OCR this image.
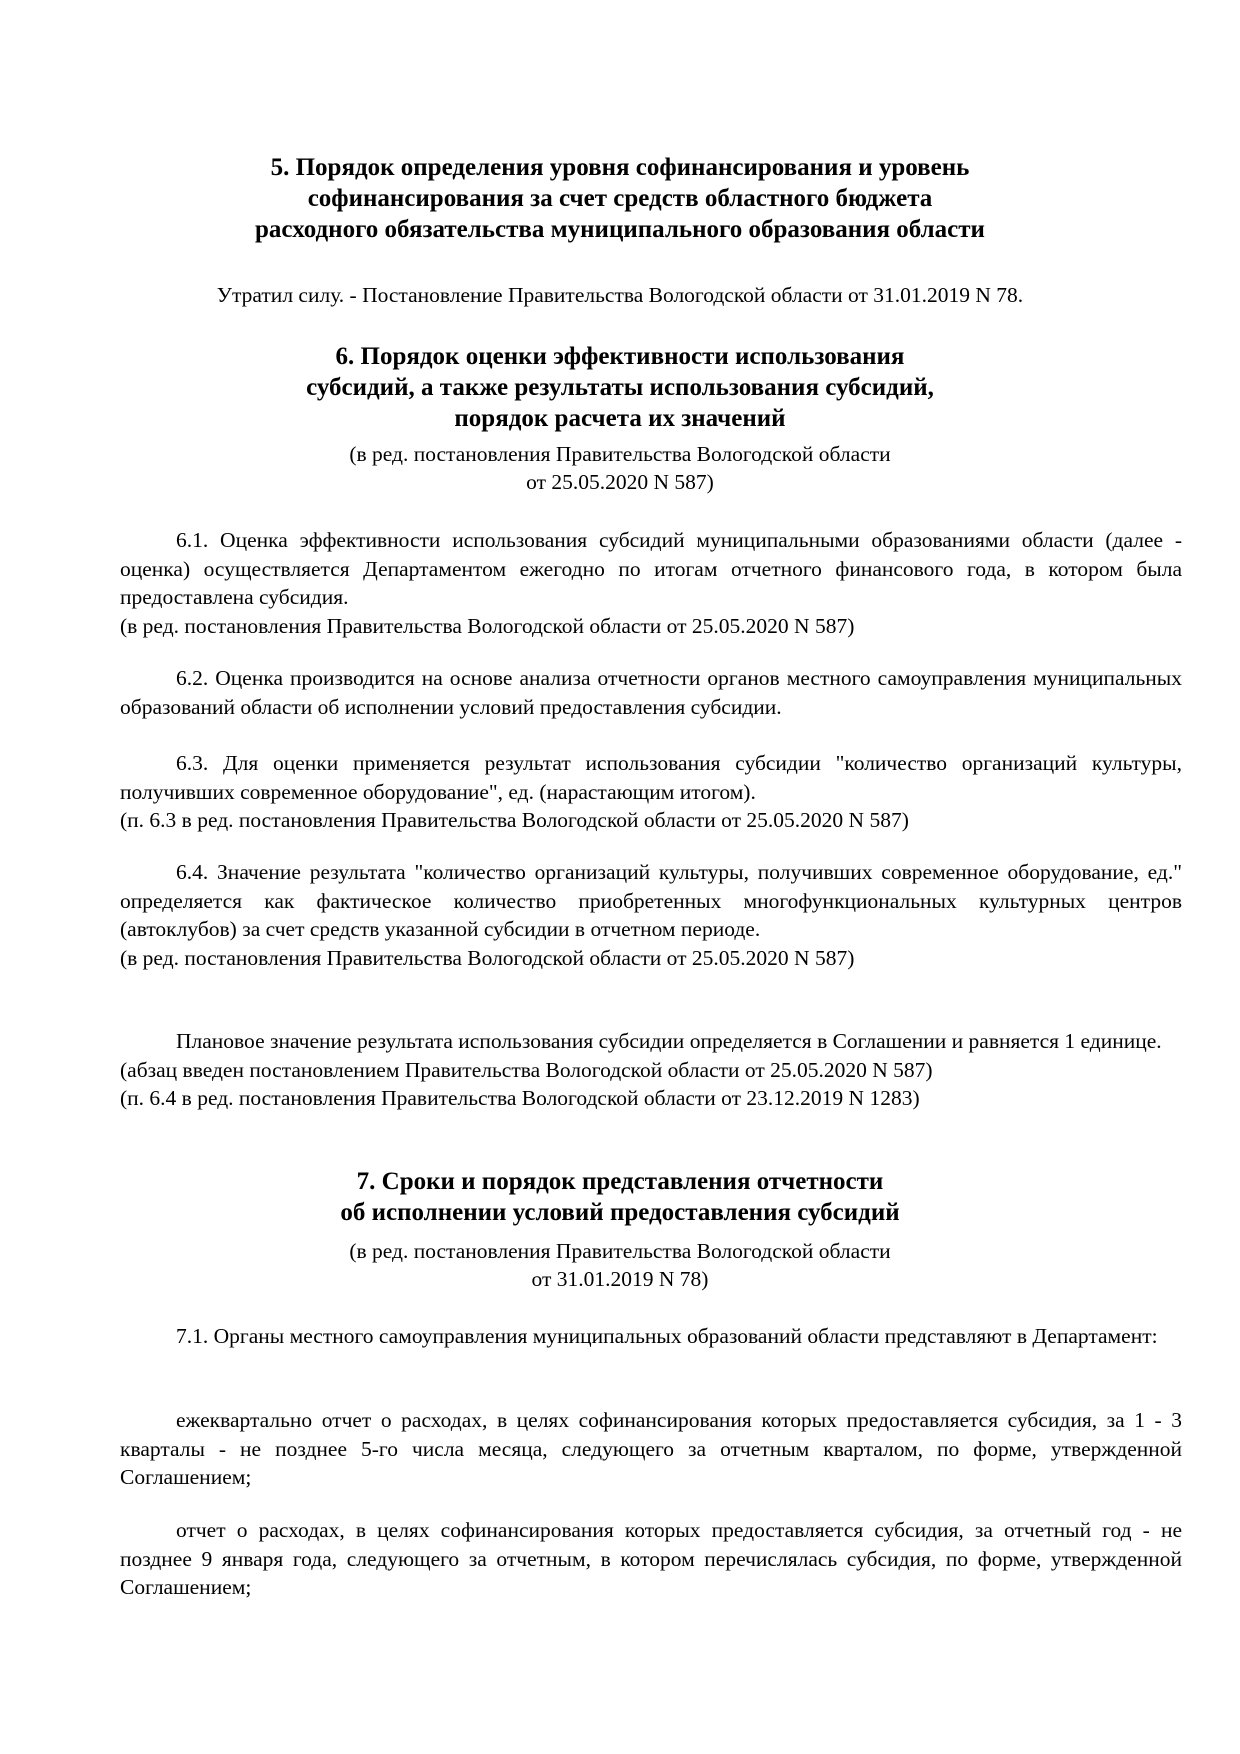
5. Порядок определения уровня софинансирования и уровень
софинансирования за счет средств областного бюджета
расходного обязательства муниципального образования области
Утратил силу. - Постановление Правительства Вологодской области от 31.01.2019 N 78.
6. Порядок оценки эффективности использования
субсидий, а также результаты использования субсидий,
порядок расчета их значений
(в ред. постановления Правительства Вологодской области
от 25.05.2020 N 587)
6.1. Оценка эффективности использования субсидий муниципальными образованиями области (далее - оценка) осуществляется Департаментом ежегодно по итогам отчетного финансового года, в котором была предоставлена субсидия.
(в ред. постановления Правительства Вологодской области от 25.05.2020 N 587)
6.2. Оценка производится на основе анализа отчетности органов местного самоуправления муниципальных образований области об исполнении условий предоставления субсидии.
6.3. Для оценки применяется результат использования субсидии "количество организаций культуры, получивших современное оборудование", ед. (нарастающим итогом).
(п. 6.3 в ред. постановления Правительства Вологодской области от 25.05.2020 N 587)
6.4. Значение результата "количество организаций культуры, получивших современное оборудование, ед." определяется как фактическое количество приобретенных многофункциональных культурных центров (автоклубов) за счет средств указанной субсидии в отчетном периоде.
(в ред. постановления Правительства Вологодской области от 25.05.2020 N 587)
Плановое значение результата использования субсидии определяется в Соглашении и равняется 1 единице.
(абзац введен постановлением Правительства Вологодской области от 25.05.2020 N 587)
(п. 6.4 в ред. постановления Правительства Вологодской области от 23.12.2019 N 1283)
7. Сроки и порядок представления отчетности
об исполнении условий предоставления субсидий
(в ред. постановления Правительства Вологодской области
от 31.01.2019 N 78)
7.1. Органы местного самоуправления муниципальных образований области представляют в Департамент:
ежеквартально отчет о расходах, в целях софинансирования которых предоставляется субсидия, за 1 - 3 кварталы - не позднее 5-го числа месяца, следующего за отчетным кварталом, по форме, утвержденной Соглашением;
отчет о расходах, в целях софинансирования которых предоставляется субсидия, за отчетный год - не позднее 9 января года, следующего за отчетным, в котором перечислялась субсидия, по форме, утвержденной Соглашением;
